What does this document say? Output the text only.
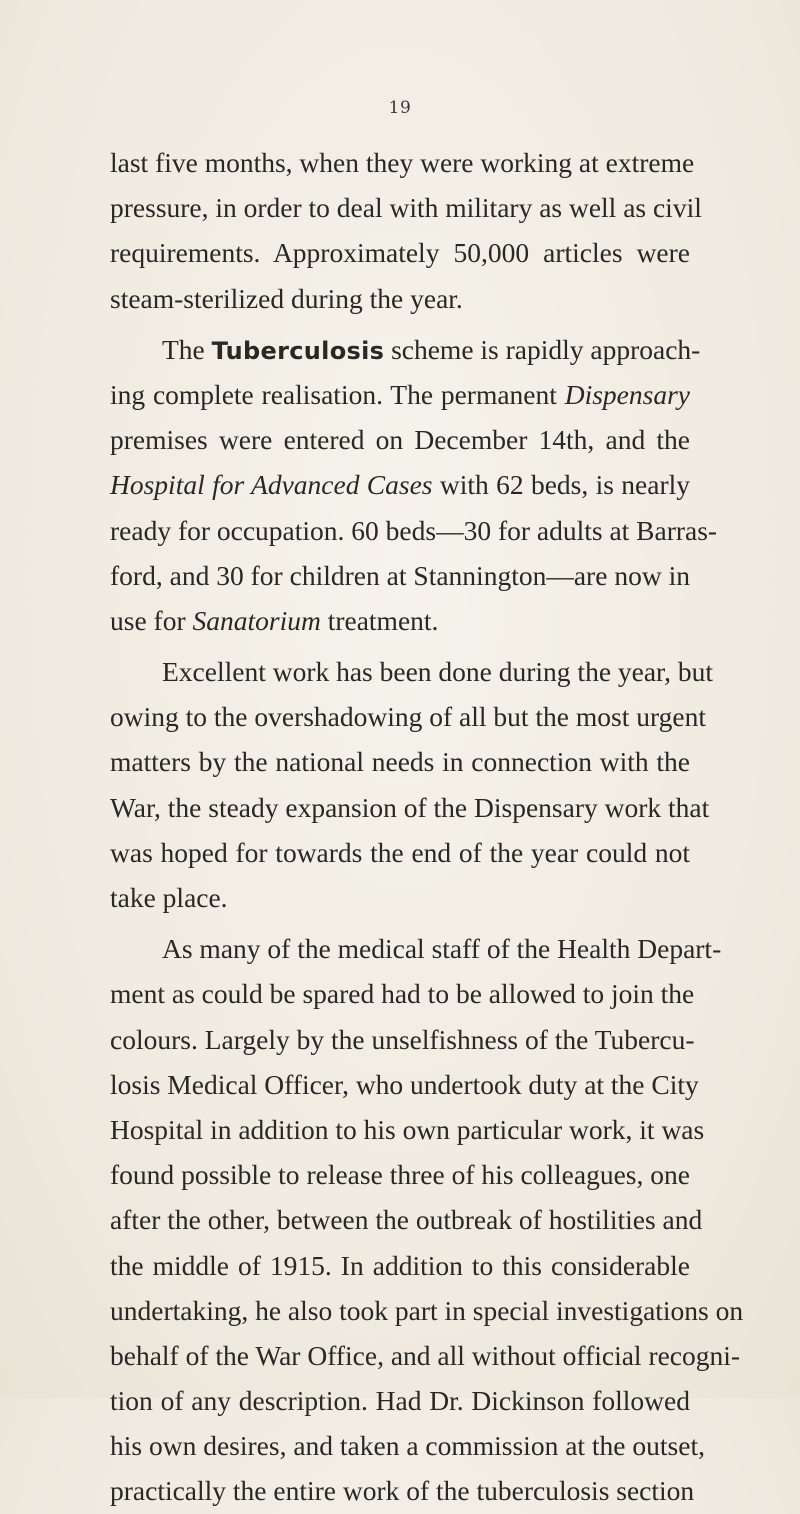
19
last five months, when they were working at extreme
pressure, in order to deal with military as well as civil
requirements. Approximately 50,000 articles were
steam-sterilized during the year.
The Tuberculosis scheme is rapidly approach-
ing complete realisation. The permanent Dispensary
premises were entered on December 14th, and the
Hospital for Advanced Cases with 62 beds, is nearly
ready for occupation. 60 beds—30 for adults at Barras-
ford, and 30 for children at Stannington—are now in
use for Sanatorium treatment.
Excellent work has been done during the year, but
owing to the overshadowing of all but the most urgent
matters by the national needs in connection with the
War, the steady expansion of the Dispensary work that
was hoped for towards the end of the year could not
take place.
As many of the medical staff of the Health Depart-
ment as could be spared had to be allowed to join the
colours. Largely by the unselfishness of the Tubercu-
losis Medical Officer, who undertook duty at the City
Hospital in addition to his own particular work, it was
found possible to release three of his colleagues, one
after the other, between the outbreak of hostilities and
the middle of 1915. In addition to this considerable
undertaking, he also took part in special investigations on
behalf of the War Office, and all without official recogni-
tion of any description. Had Dr. Dickinson followed
his own desires, and taken a commission at the outset,
practically the entire work of the tuberculosis section
